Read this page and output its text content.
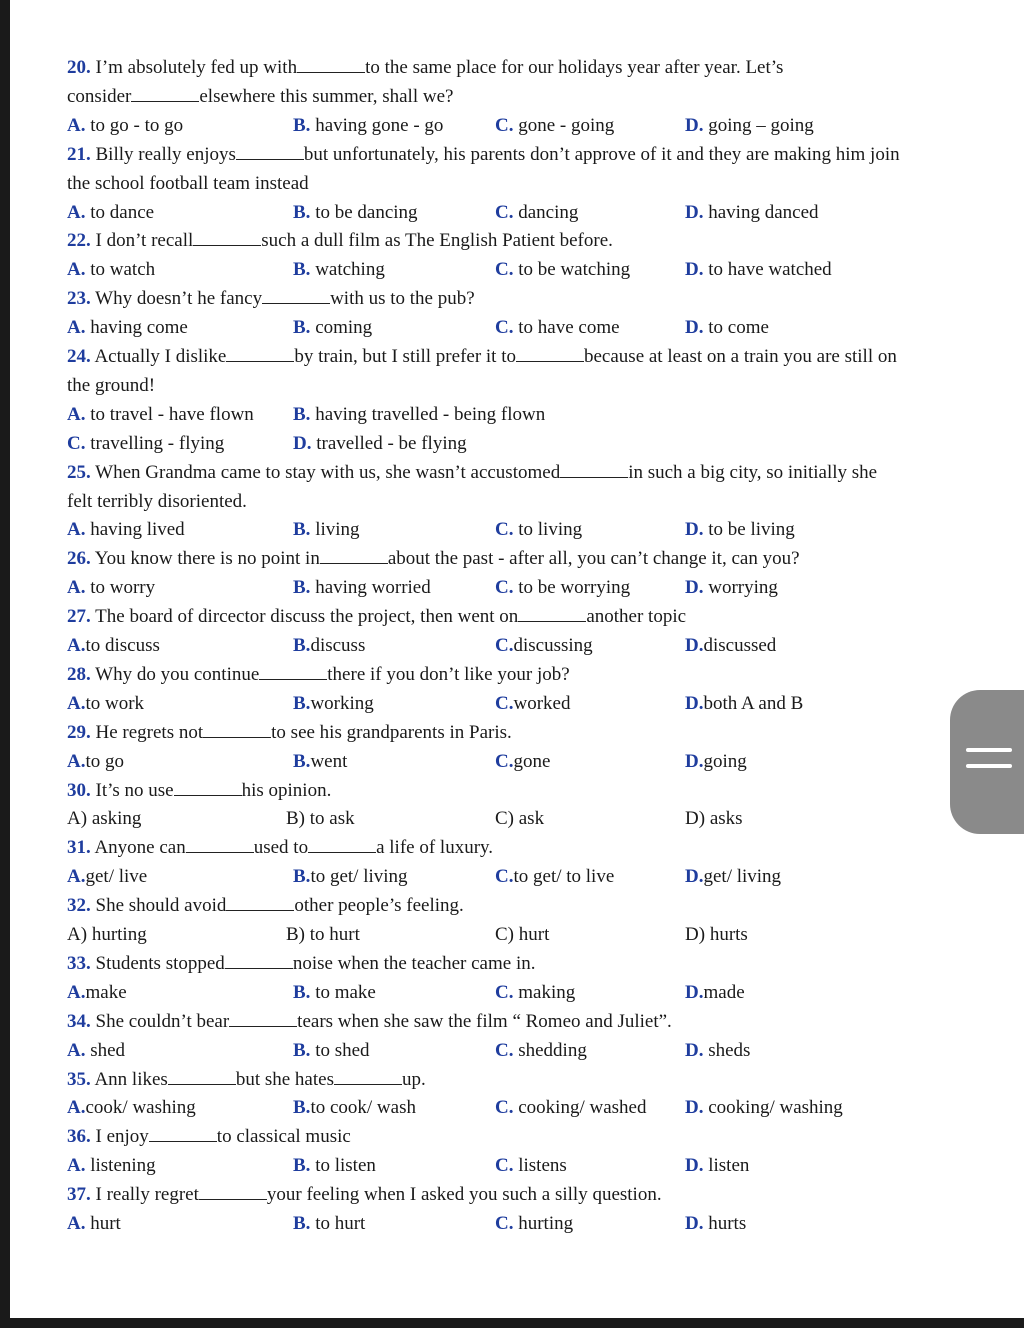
20. I’m absolutely fed up with	to the same place for our holidays year after year. Let’s
consider	elsewhere this summer, shall we?
A. to go - to go	B. having gone - go	C. gone - going	D. going – going
21. Billy really enjoys	but unfortunately, his parents don’t approve of it and they are making him join
the school football team instead
A. to dance	B. to be dancing	C. dancing	D. having danced
22. I don’t recall	such a dull film as The English Patient before.
A. to watch	B. watching	C. to be watching	D. to have watched
23. Why doesn’t he fancy	with us to the pub?
A. having come	B. coming	C. to have come	D. to come
24. Actually I dislike	by train, but I still prefer it to	because at least on a train you are still on
the ground!
A. to travel - have flown B. having travelled - being flown
C. travelling - flying	D. travelled - be flying
25. When Grandma came to stay with us, she wasn’t accustomed	in such a big city, so initially she
felt terribly disoriented.
A. having lived	B. living	C. to living	D. to be living
26. You know there is no point in	about the past - after all, you can’t change it, can you?
A. to worry	B. having worried	C. to be worrying	D. worrying
27. The board of dircector discuss the project, then went on	another topic
A.to discuss	B.discuss	C.discussing	D.discussed
28. Why do you continue	there if you don’t like your job?
A.to work	B.working	C.worked	D.both A and B
29. He regrets not	to see his grandparents in Paris.
A.to go	B.went	C.gone	D.going
30. It’s no use	his opinion.
A) asking	B) to ask	C) ask	D) asks
31. Anyone can	used to	a life of luxury.
A.get/ live	B.to get/ living	C.to get/ to live	D.get/ living
32. She should avoid	other people’s feeling.
A) hurting	B) to hurt	C) hurt	D) hurts
33. Students stopped	noise when the teacher came in.
A.make	B. to make	C. making	D.made
34. She couldn’t bear	tears when she saw the film “ Romeo and Juliet”.
A. shed	B. to shed	C. shedding	D. sheds
35. Ann likes	but she hates	up.
A.cook/ washing	B.to cook/ wash	C. cooking/ washed D. cooking/ washing
36. I enjoy	to classical music
A. listening	B. to listen	C. listens	D. listen
37. I really regret	your feeling when I asked you such a silly question.
A. hurt	B. to hurt	C. hurting	D. hurts
